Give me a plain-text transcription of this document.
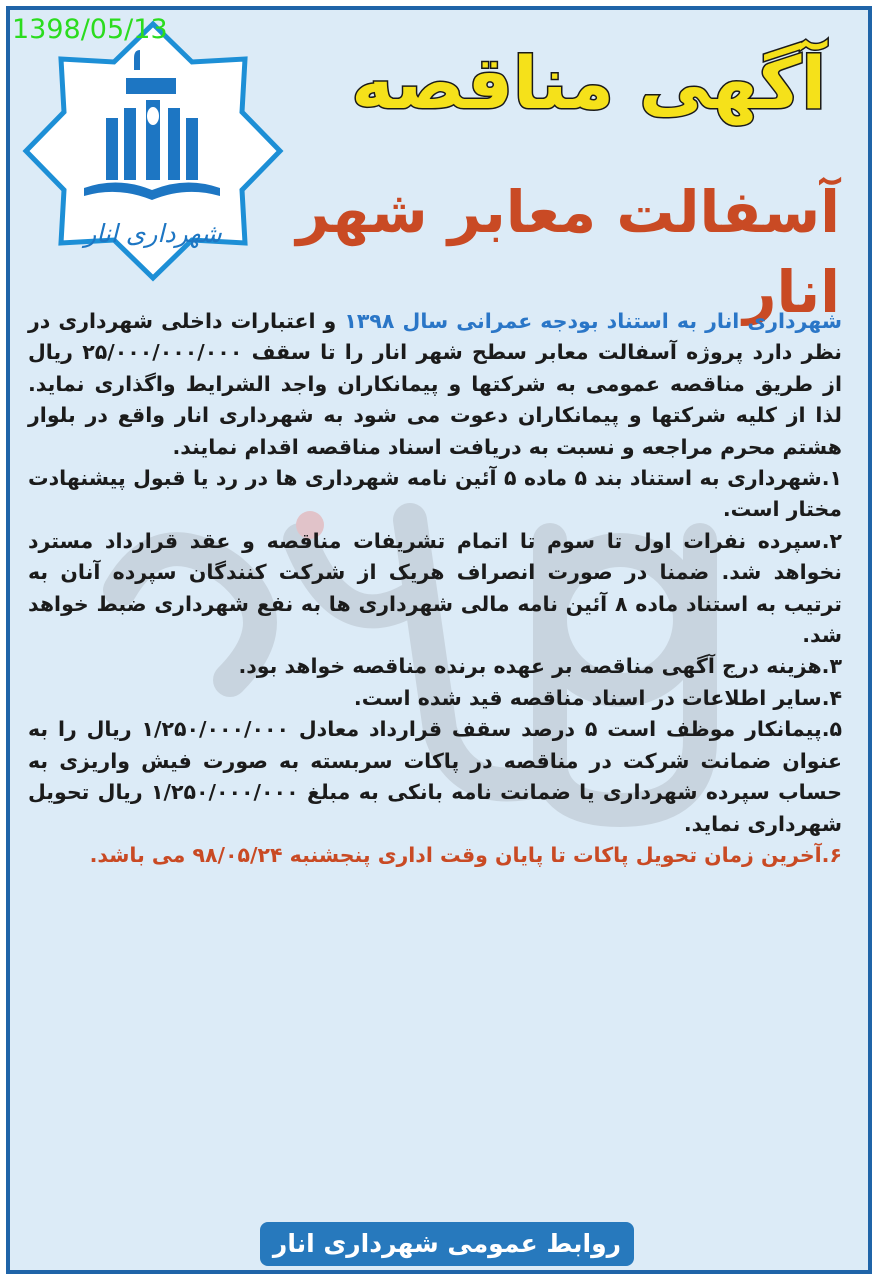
1398/05/13
شهرداری انار
آگهی مناقصه
آسفالت معابر شهر انار

شهرداری انار به استناد بودجه عمرانی سال ۱۳۹۸ و اعتبارات داخلی شهرداری در نظر دارد پروژه آسفالت معابر سطح شهر انار را تا سقف ۲۵/۰۰۰/۰۰۰/۰۰۰ ریال از طریق مناقصه عمومی به شرکتها و پیمانکاران واجد الشرایط واگذاری نماید. لذا از کلیه شرکتها و پیمانکاران دعوت می شود به شهرداری انار واقع در بلوار هشتم محرم مراجعه و نسبت به دریافت اسناد مناقصه اقدام نمایند.

۱.شهرداری به استناد بند ۵ ماده ۵ آئین نامه شهرداری ها در رد یا قبول پیشنهادت مختار است.

۲.سپرده نفرات اول تا سوم تا اتمام تشریفات مناقصه و عقد قرارداد مسترد نخواهد شد. ضمنا در صورت انصراف هریک از شرکت کنندگان سپرده آنان به ترتیب به استناد ماده ۸ آئین نامه مالی شهرداری ها به نفع شهرداری ضبط خواهد شد.

۳.هزینه درج آگهی مناقصه بر عهده برنده مناقصه خواهد بود.

۴.سایر اطلاعات در اسناد مناقصه قید شده است.

۵.پیمانکار موظف است ۵ درصد سقف قرارداد معادل ۱/۲۵۰/۰۰۰/۰۰۰ ریال را به عنوان ضمانت شرکت در مناقصه در پاکات سربسته به صورت فیش واریزی به حساب سپرده شهرداری یا ضمانت نامه بانکی به مبلغ ۱/۲۵۰/۰۰۰/۰۰۰ ریال تحویل شهرداری نماید.

۶.آخرین زمان تحویل پاکات تا پایان وقت اداری پنجشنبه ۹۸/۰۵/۲۴ می باشد.

روابط عمومی شهرداری انار
